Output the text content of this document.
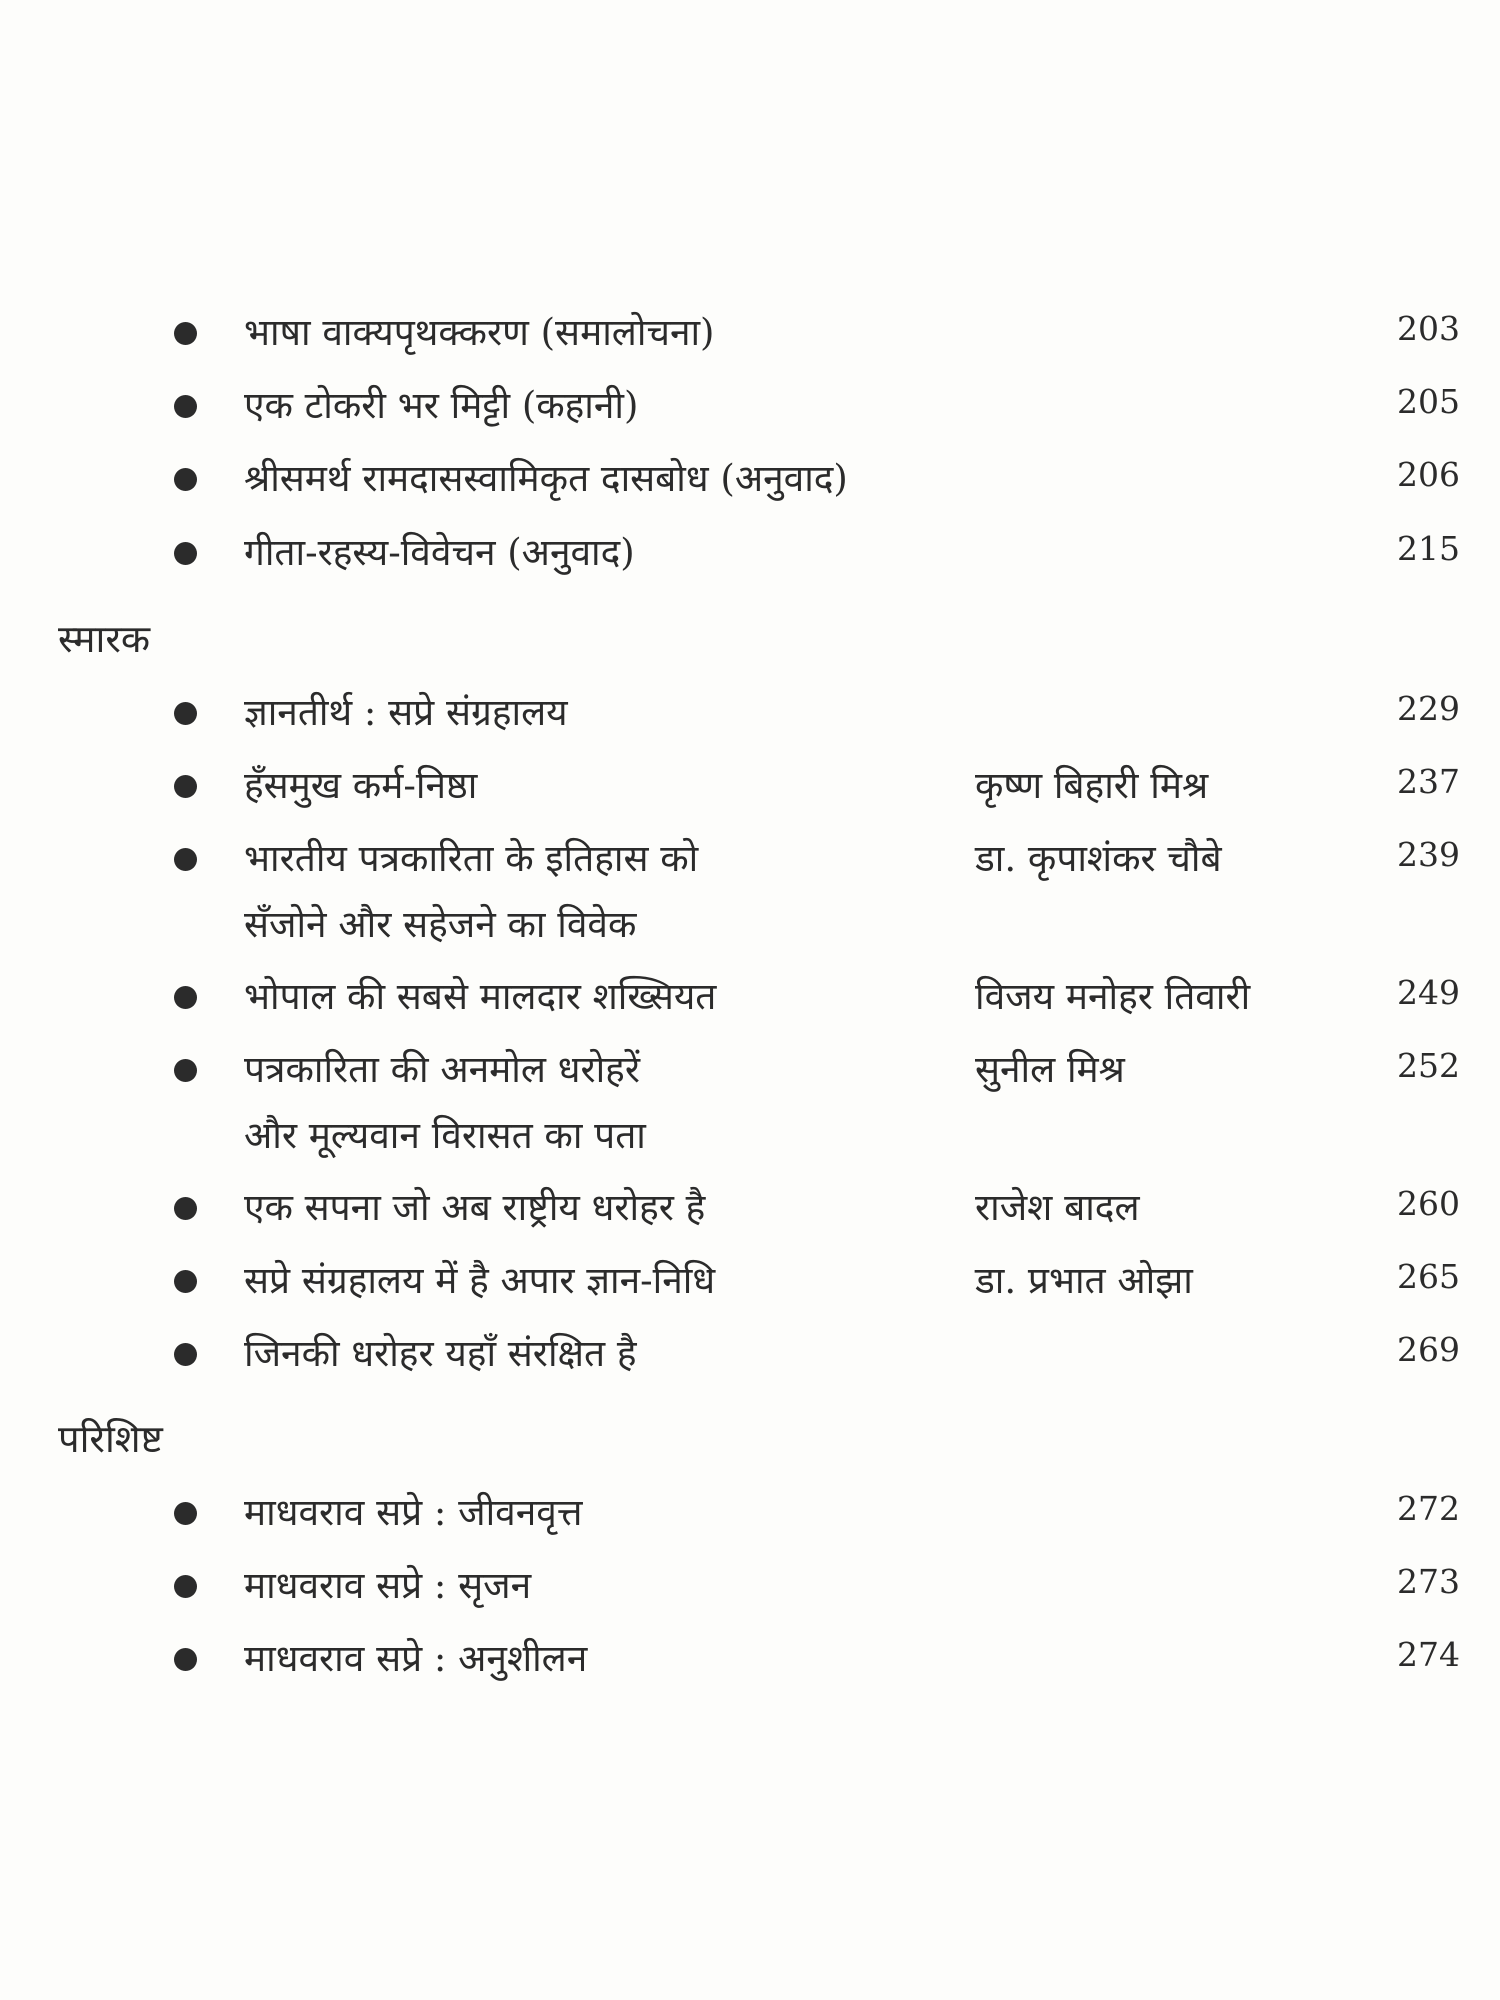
भाषा वाक्यपृथक्करण (समालोचना)	203
एक टोकरी भर मिट्टी (कहानी)	205
श्रीसमर्थ रामदासस्वामिकृत दासबोध (अनुवाद)	206
गीता-रहस्य-विवेचन (अनुवाद)	215
स्मारक
ज्ञानतीर्थ : सप्रे संग्रहालय	229
हँसमुख कर्म-निष्ठा	कृष्ण बिहारी मिश्र	237
भारतीय पत्रकारिता के इतिहास को
सँजोने और सहेजने का विवेक
डा. कृपाशंकर चौबे	239
भोपाल की सबसे मालदार शख्सियत	विजय मनोहर तिवारी	249
पत्रकारिता की अनमोल धरोहरें
और मूल्यवान विरासत का पता
सुनील मिश्र	252
एक सपना जो अब राष्ट्रीय धरोहर है	राजेश बादल	260
सप्रे संग्रहालय में है अपार ज्ञान-निधि	डा. प्रभात ओझा	265
जिनकी धरोहर यहाँ संरक्षित है	269
परिशिष्ट
माधवराव सप्रे : जीवनवृत्त	272
माधवराव सप्रे : सृजन	273
माधवराव सप्रे : अनुशीलन	274
